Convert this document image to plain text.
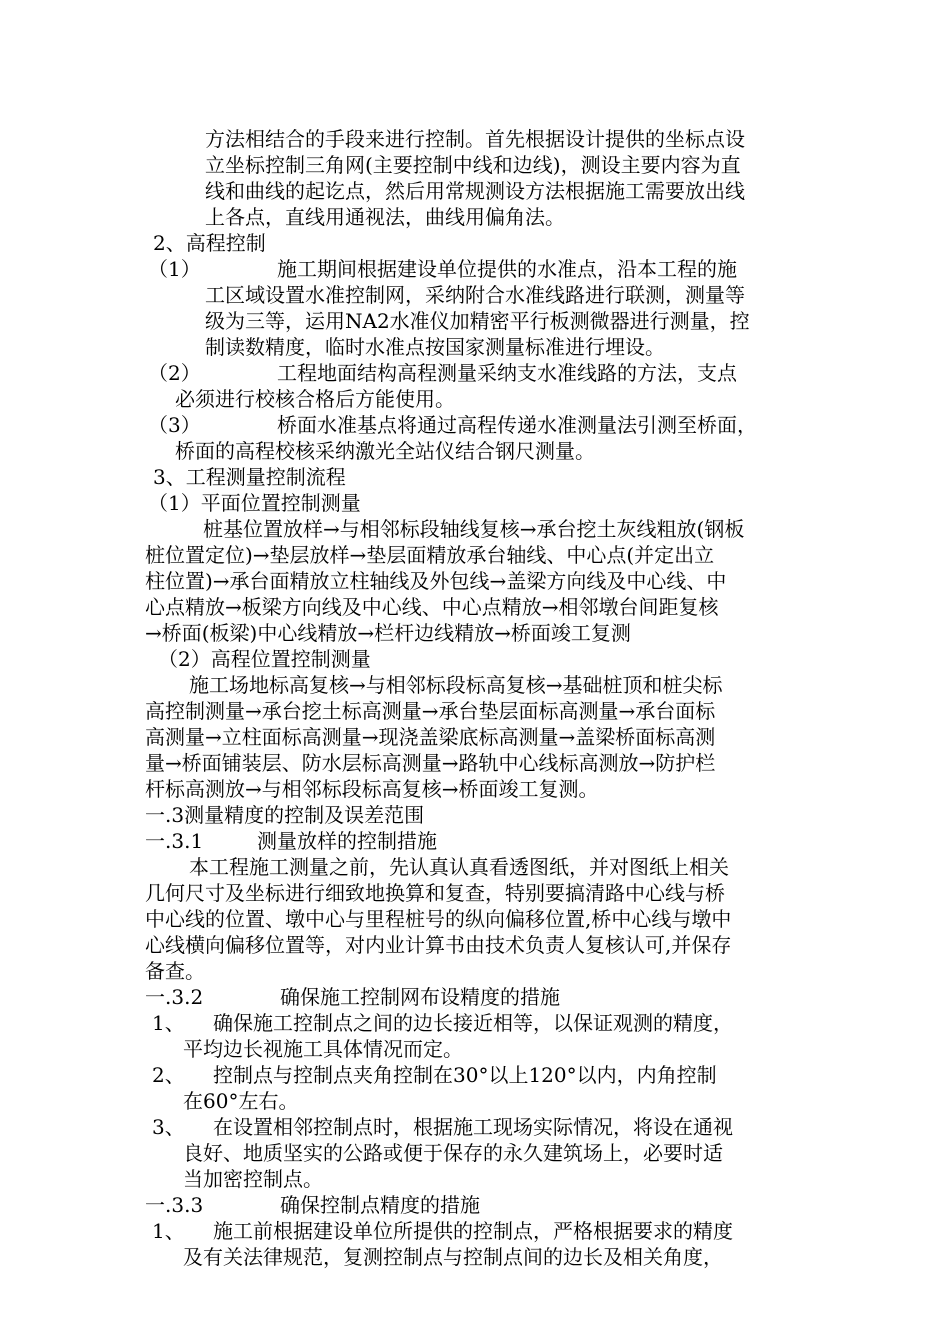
方法相结合的手段来进行控制。首先根据设计提供的坐标点设
立坐标控制三角网(主要控制中线和边线)，测设主要内容为直
线和曲线的起讫点，然后用常规测设方法根据施工需要放出线
上各点，直线用通视法，曲线用偏角法。
2、高程控制
（1）	施工期间根据建设单位提供的水准点，沿本工程的施
工区域设置水准控制网，采纳附合水准线路进行联测，测量等
级为三等，运用NA2水准仪加精密平行板测微器进行测量，控
制读数精度，临时水准点按国家测量标准进行埋设。
（2）	工程地面结构高程测量采纳支水准线路的方法，支点
必须进行校核合格后方能使用。
（3）	桥面水准基点将通过高程传递水准测量法引测至桥面，
桥面的高程校核采纳激光全站仪结合钢尺测量。
3、工程测量控制流程
（1）平面位置控制测量
桩基位置放样→与相邻标段轴线复核→承台挖土灰线粗放(钢板
桩位置定位)→垫层放样→垫层面精放承台轴线、中心点(并定出立
柱位置)→承台面精放立柱轴线及外包线→盖梁方向线及中心线、中
心点精放→板梁方向线及中心线、中心点精放→相邻墩台间距复核
→桥面(板梁)中心线精放→栏杆边线精放→桥面竣工复测
（2）高程位置控制测量
施工场地标高复核→与相邻标段标高复核→基础桩顶和桩尖标
高控制测量→承台挖土标高测量→承台垫层面标高测量→承台面标
高测量→立柱面标高测量→现浇盖梁底标高测量→盖梁桥面标高测
量→桥面铺装层、防水层标高测量→路轨中心线标高测放→防护栏
杆标高测放→与相邻标段标高复核→桥面竣工复测。
一.3测量精度的控制及误差范围
一.3.1	测量放样的控制措施
本工程施工测量之前，先认真认真看透图纸，并对图纸上相关
几何尺寸及坐标进行细致地换算和复查，特别要搞清路中心线与桥
中心线的位置、墩中心与里程桩号的纵向偏移位置,桥中心线与墩中
心线横向偏移位置等，对内业计算书由技术负责人复核认可,并保存
备查。
一.3.2	确保施工控制网布设精度的措施
1、 确保施工控制点之间的边长接近相等，以保证观测的精度，
平均边长视施工具体情况而定。
2、 控制点与控制点夹角控制在30°以上120°以内，内角控制
在60°左右。
3、 在设置相邻控制点时，根据施工现场实际情况，将设在通视
良好、地质坚实的公路或便于保存的永久建筑场上，必要时适
当加密控制点。
一.3.3	确保控制点精度的措施
1、 施工前根据建设单位所提供的控制点，严格根据要求的精度
及有关法律规范，复测控制点与控制点间的边长及相关角度，
